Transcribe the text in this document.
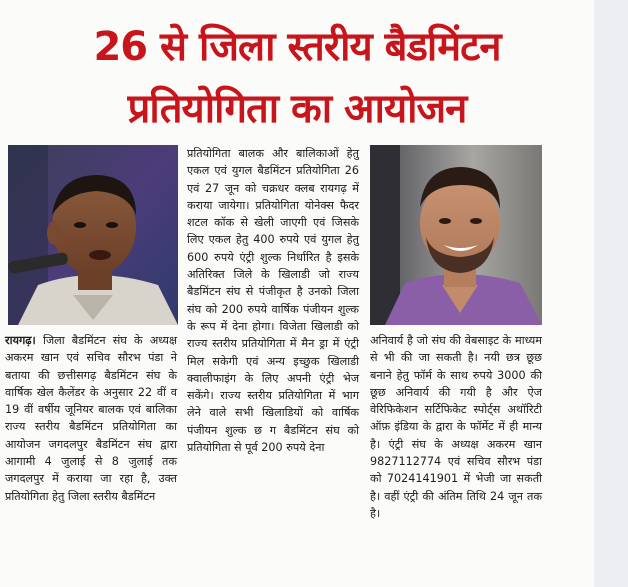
26 से जिला स्तरीय बैडमिंटन
प्रतियोगिता का आयोजन

रायगढ़। जिला बैडमिंटन संघ के अध्यक्ष अकरम खान एवं सचिव सौरभ पंडा ने बताया की छत्तीसगढ़ बैडमिंटन संघ के वार्षिक खेल कैलेंडर के अनुसार 22 वीं व 19 वीं वर्षीय जूनियर बालक एवं बालिका राज्य स्तरीय बैडमिंटन प्रतियोगिता का आयोजन जगदलपुर बैडमिंटन संघ द्वारा आगामी 4 जुलाई से 8 जुलाई तक जगदलपुर में कराया जा रहा है, उक्त प्रतियोगिता हेतु जिला स्तरीय बैडमिंटन

प्रतियोगिता बालक और बालिकाओं हेतु एकल एवं युगल बैडमिंटन प्रतियोगिता 26 एवं 27 जून को चक्रधर क्लब रायगढ़ में कराया जायेगा। प्रतियोगिता योनेक्स फैदर शटल कॉक से खेली जाएगी एवं जिसके लिए एकल हेतु 400 रुपये एवं युगल हेतु 600 रुपये एंट्री शुल्क निर्धारित है इसके अतिरिक्त जिले के खिलाडी जो राज्य बैडमिंटन संघ से पंजीकृत है उनको जिला संघ को 200 रुपये वार्षिक पंजीयन शुल्क के रूप में देना होगा। विजेता खिलाडी को राज्य स्तरीय प्रतियोगिता में मैन ड्रा में एंट्री मिल सकेगी एवं अन्य इच्छुक खिलाडी क्वालीफाइंग के लिए अपनी एंट्री भेज सकेंगे। राज्य स्तरीय प्रतियोगिता में भाग लेने वाले सभी खिलाडियों को वार्षिक पंजीयन शुल्क छ ग बैडमिंटन संघ को प्रतियोगिता से पूर्व 200 रुपये देना

अनिवार्य है जो संघ की वेबसाइट के माध्यम से भी की जा सकती है। नयी छत्र छूछ बनाने हेतु फॉर्म के साथ रुपये 3000 की छूछ अनिवार्य की गयी है और ऐज वेरिफिकेशन सर्टिफिकेट स्पोर्ट्स अथॉरिटी ऑफ़ इंडिया के द्वारा के फॉर्मेट में ही मान्य है। एंट्री संघ के अध्यक्ष अकरम खान 9827112774 एवं सचिव सौरभ पंडा को 7024141901 में भेजी जा सकती है। वहीं एंट्री की अंतिम तिथि 24 जून तक है।
